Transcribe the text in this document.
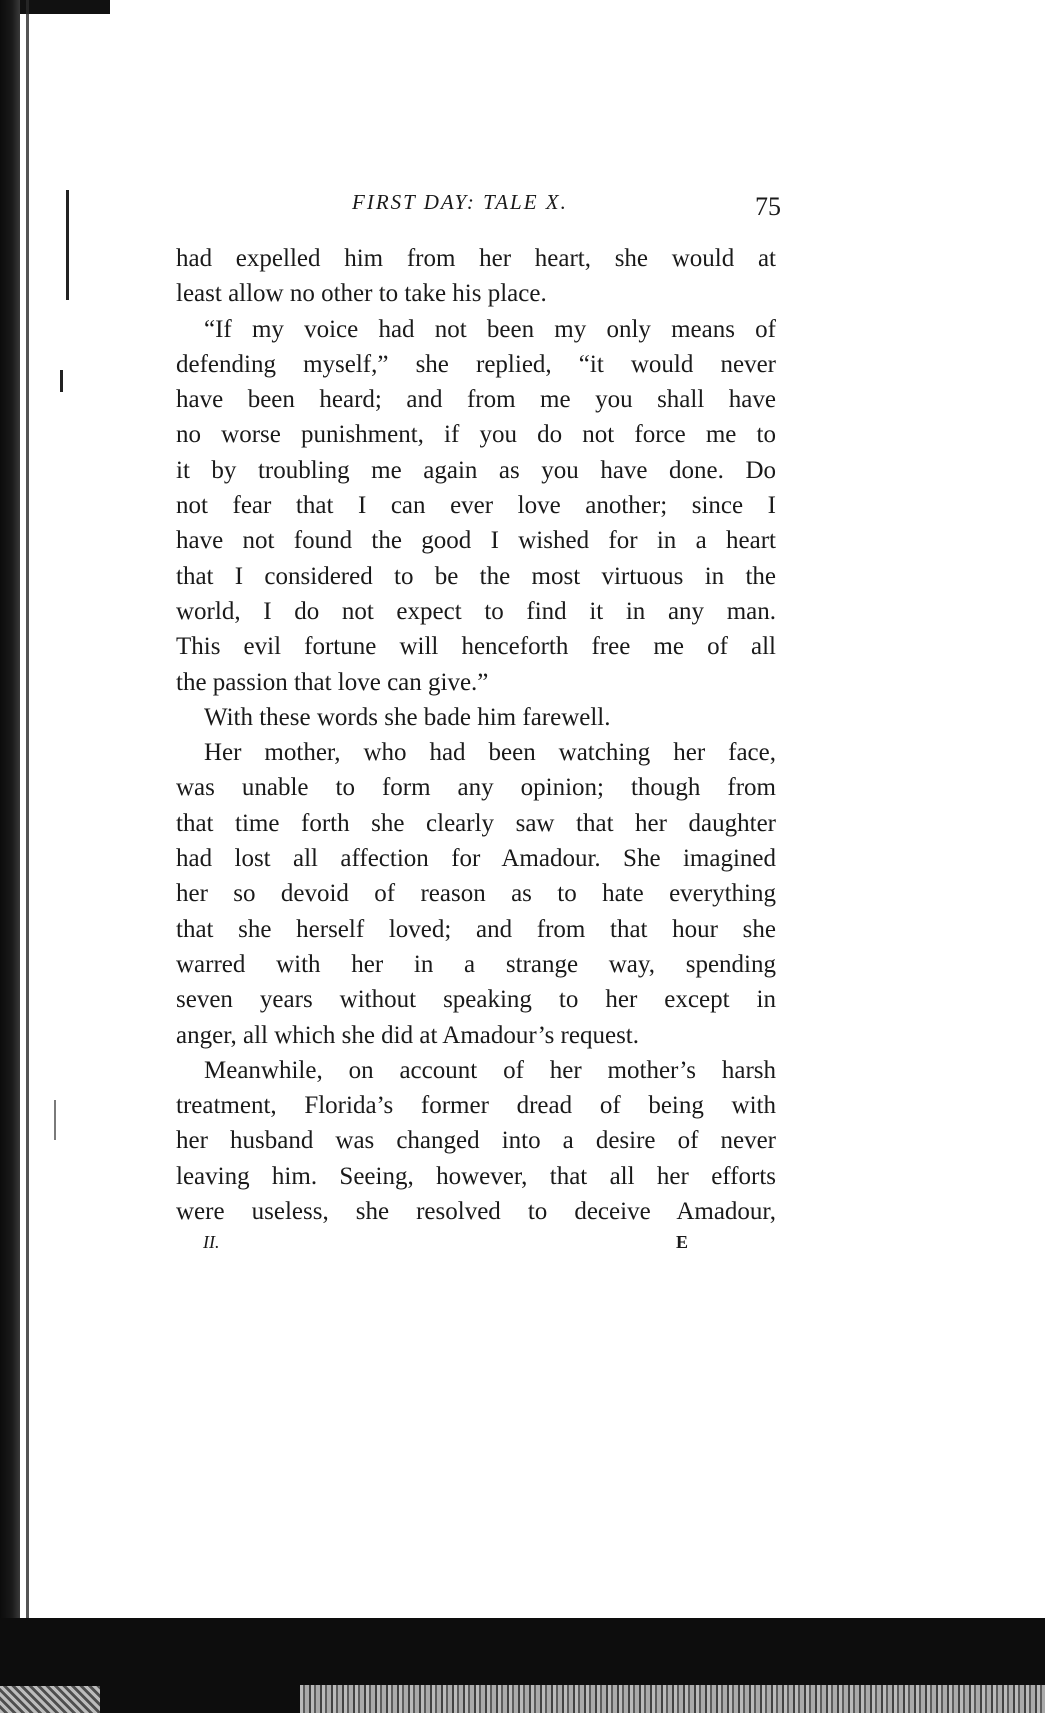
FIRST DAY: TALE X.	75
had expelled him from her heart, she would at
least allow no other to take his place.
“If my voice had not been my only means of
defending myself,” she replied, “it would never
have been heard; and from me you shall have
no worse punishment, if you do not force me to
it by troubling me again as you have done. Do
not fear that I can ever love another; since I
have not found the good I wished for in a heart
that I considered to be the most virtuous in the
world, I do not expect to find it in any man.
This evil fortune will henceforth free me of all
the passion that love can give.”
With these words she bade him farewell.
Her mother, who had been watching her face,
was unable to form any opinion; though from
that time forth she clearly saw that her daughter
had lost all affection for Amadour. She imagined
her so devoid of reason as to hate everything
that she herself loved; and from that hour she
warred with her in a strange way, spending
seven years without speaking to her except in
anger, all which she did at Amadour’s request.
Meanwhile, on account of her mother’s harsh
treatment, Florida’s former dread of being with
her husband was changed into a desire of never
leaving him. Seeing, however, that all her efforts
were useless, she resolved to deceive Amadour,
II.	E
